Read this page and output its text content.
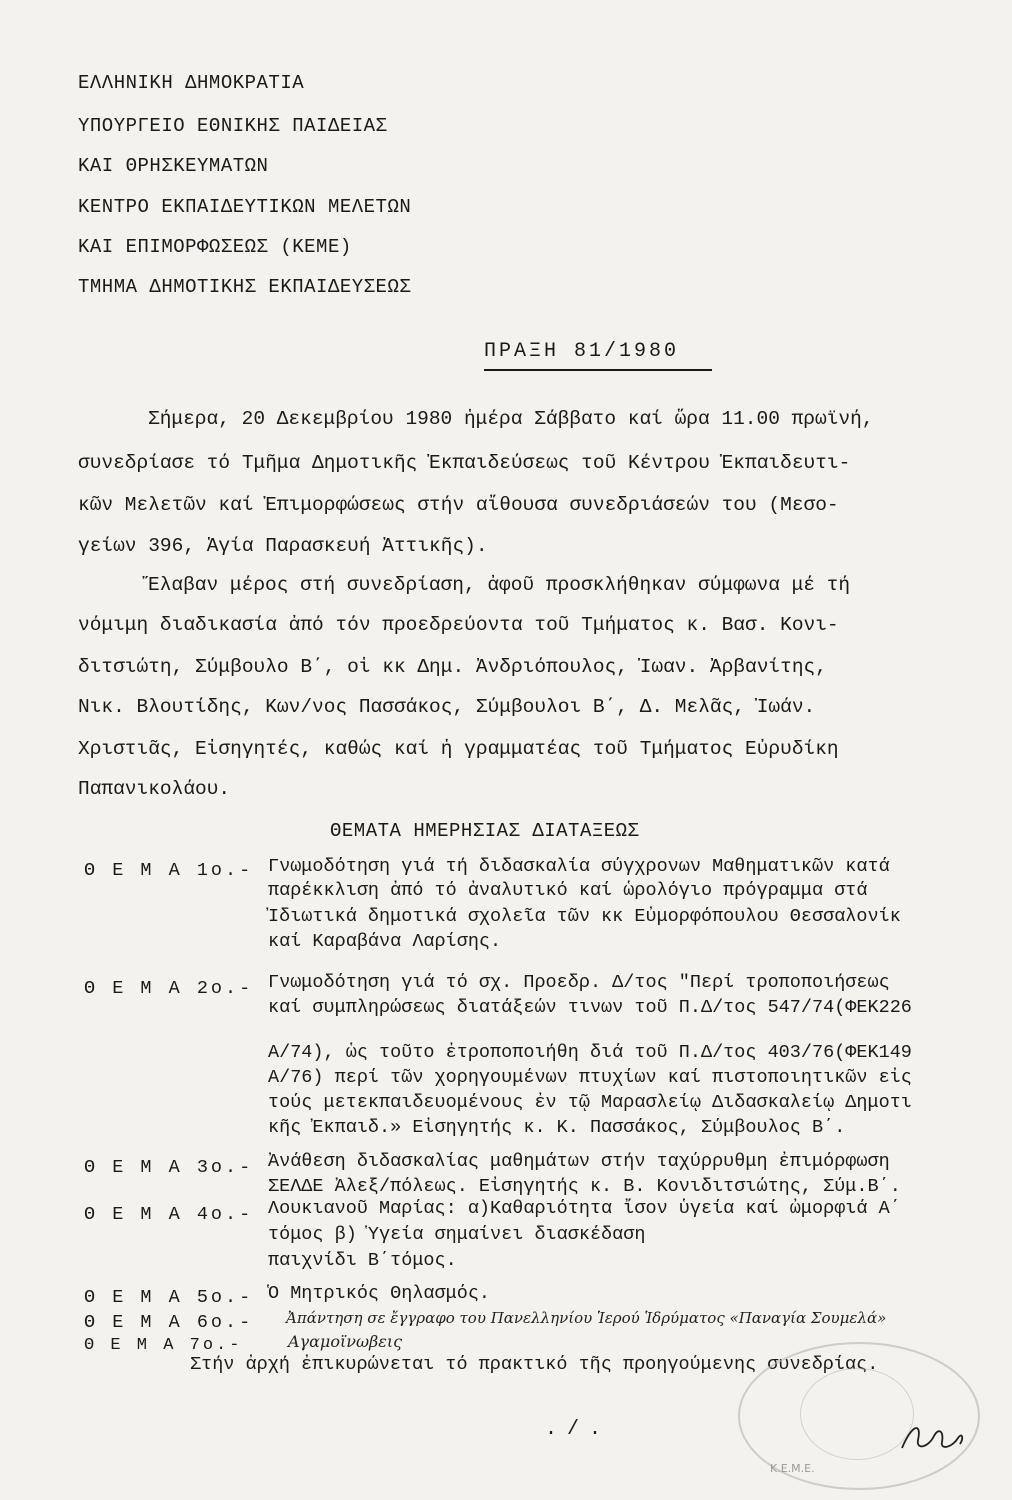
ΕΛΛΗΝΙΚΗ ΔΗΜΟΚΡΑΤΙΑ
ΥΠΟΥΡΓΕΙΟ ΕΘΝΙΚΗΣ ΠΑΙΔΕΙΑΣ
ΚΑΙ ΘΡΗΣΚΕΥΜΑΤΩΝ
ΚΕΝΤΡΟ ΕΚΠΑΙΔΕΥΤΙΚΩΝ ΜΕΛΕΤΩΝ
ΚΑΙ ΕΠΙΜΟΡΦΩΣΕΩΣ (ΚΕΜΕ)
ΤΜΗΜΑ ΔΗΜΟΤΙΚΗΣ ΕΚΠΑΙΔΕΥΣΕΩΣ
ΠΡΑΞΗ 81/1980
Σήμερα, 20 Δεκεμβρίου 1980 ἡμέρα Σάββατο καί ὥρα 11.00 πρωϊνή,
συνεδρίασε τό Τμῆμα Δημοτικῆς Ἐκπαιδεύσεως τοῦ Κέντρου Ἐκπαιδευτι-
κῶν Μελετῶν καί Ἐπιμορφώσεως στήν αἴθουσα συνεδριάσεών του (Μεσο-
γείων 396, Ἁγία Παρασκευή Ἀττικῆς).
Ἔλαβαν μέρος στή συνεδρίαση, ἀφοῦ προσκλήθηκαν σύμφωνα μέ τή
νόμιμη διαδικασία ἀπό τόν προεδρεύοντα τοῦ Τμήματος κ. Βασ. Κονι-
διτσιώτη, Σύμβουλο Β΄, οἱ κκ Δημ. Ἀνδριόπουλος, Ἰωαν. Ἀρβανίτης,
Νικ. Βλουτίδης, Κων/νος Πασσάκος, Σύμβουλοι Β΄, Δ. Μελᾶς, Ἰωάν.
Χριστιᾶς, Εἰσηγητές, καθώς καί ἡ γραμματέας τοῦ Τμήματος Εὐρυδίκη
Παπανικολάου.
ΘΕΜΑΤΑ ΗΜΕΡΗΣΙΑΣ ΔΙΑΤΑΞΕΩΣ
Θ Ε Μ Α 1ο.- Γνωμοδότηση γιά τή διδασκαλία σύγχρονων Μαθηματικῶν κατά
παρέκκλιση ἀπό τό ἀναλυτικό καί ὡρολόγιο πρόγραμμα στά
Ἰδιωτικά δημοτικά σχολεῖα τῶν κκ Εὐμορφόπουλου Θεσσαλονίκ
καί Καραβάνα Λαρίσης.
Θ Ε Μ Α 2ο.- Γνωμοδότηση γιά τό σχ. Προεδρ. Δ/τος "Περί τροποποιήσεως
καί συμπληρώσεως διατάξεών τινων τοῦ Π.Δ/τος 547/74(ΦΕΚ226
Α/74), ὡς τοῦτο ἐτροποποιήθη διά τοῦ Π.Δ/τος 403/76(ΦΕΚ149
Α/76) περί τῶν χορηγουμένων πτυχίων καί πιστοποιητικῶν εἰς
τούς μετεκπαιδευομένους ἐν τῷ Μαρασλείῳ Διδασκαλείῳ Δημοτι
κῆς Ἐκπαιδ.» Εἰσηγητής κ. Κ. Πασσάκος, Σύμβουλος Β΄.
Θ Ε Μ Α 3ο.- Ἀνάθεση διδασκαλίας μαθημάτων στήν ταχύρρυθμη ἐπιμόρφωση
ΣΕΛΔΕ Ἀλεξ/πόλεως. Εἰσηγητής κ. Β. Κονιδιτσιώτης, Σύμ.Β΄.
Θ Ε Μ Α 4ο.- Λουκιανοῦ Μαρίας: α)Καθαριότητα ἴσον ὑγεία καί ὠμορφιά Α΄
τόμος β) Ὑγεία σημαίνει διασκέδαση
παιχνίδι Β΄τόμος.
Θ Ε Μ Α 5ο.- Ὁ Μητρικός Θηλασμός.
Θ Ε Μ Α 6ο.- Ἀπάντηση σε ἔγγραφο του Πανελληνίου Ἱερού Ἱδρύματος «Παναγία Σουμελά»
Θ Ε Μ Α 7ο.-	Αγαμοϊνωβεις
Στήν ἀρχή ἐπικυρώνεται τό πρακτικό τῆς προηγούμενης συνεδρίας.
Κ.Ε.Μ.Ε.
./.
